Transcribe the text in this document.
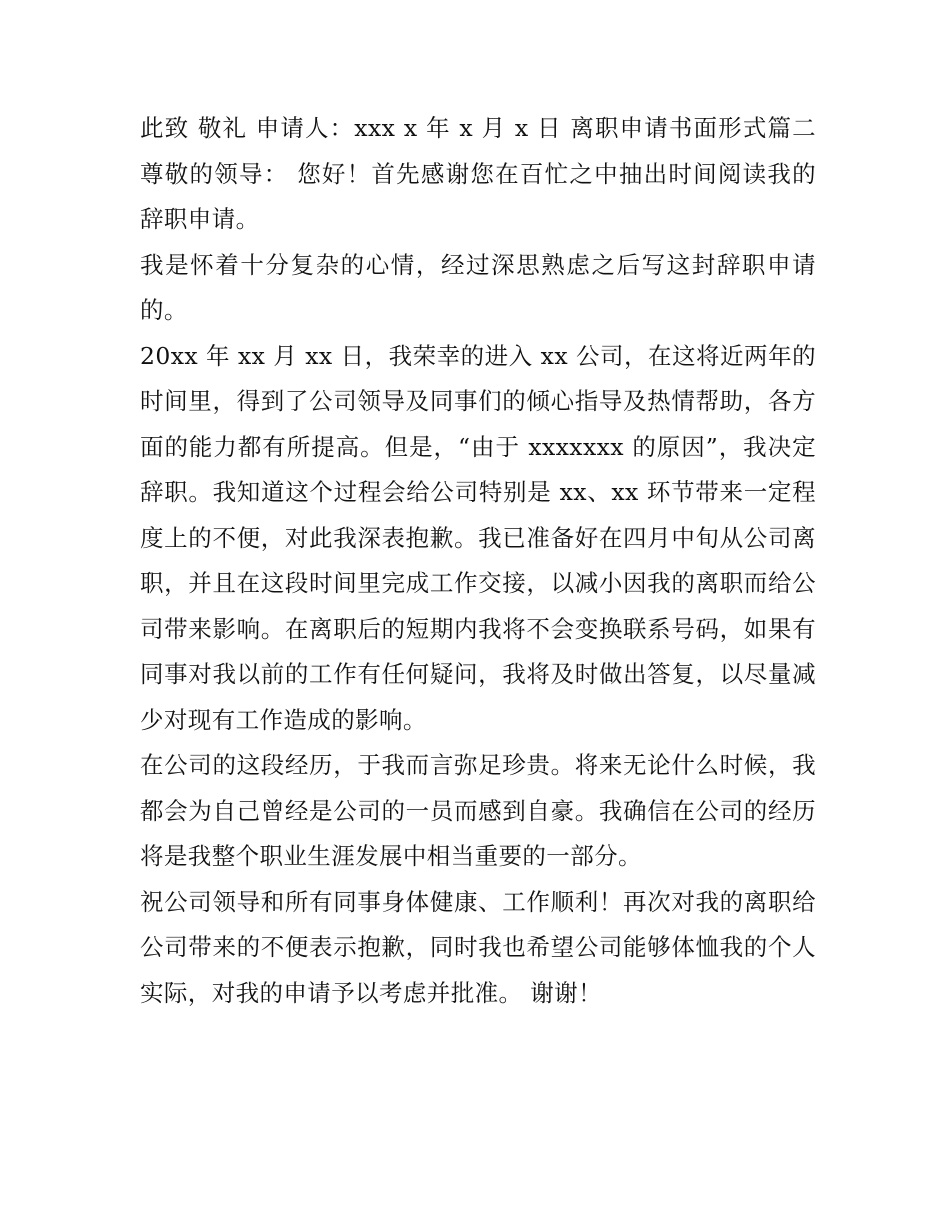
此致 敬礼 申请人：xxx x 年 x 月 x 日 离职申请书面形式篇二 尊敬的领导： 您好！首先感谢您在百忙之中抽出时间阅读我的辞职申请。

我是怀着十分复杂的心情，经过深思熟虑之后写这封辞职申请的。

20xx 年 xx 月 xx 日，我荣幸的进入 xx 公司，在这将近两年的时间里，得到了公司领导及同事们的倾心指导及热情帮助，各方面的能力都有所提高。但是，“由于 xxxxxxx 的原因”，我决定辞职。我知道这个过程会给公司特别是 xx、xx 环节带来一定程度上的不便，对此我深表抱歉。我已准备好在四月中旬从公司离职，并且在这段时间里完成工作交接，以减小因我的离职而给公司带来影响。在离职后的短期内我将不会变换联系号码，如果有同事对我以前的工作有任何疑问，我将及时做出答复，以尽量减少对现有工作造成的影响。

在公司的这段经历，于我而言弥足珍贵。将来无论什么时候，我都会为自己曾经是公司的一员而感到自豪。我确信在公司的经历将是我整个职业生涯发展中相当重要的一部分。

祝公司领导和所有同事身体健康、工作顺利！再次对我的离职给公司带来的不便表示抱歉，同时我也希望公司能够体恤我的个人实际，对我的申请予以考虑并批准。 谢谢！
